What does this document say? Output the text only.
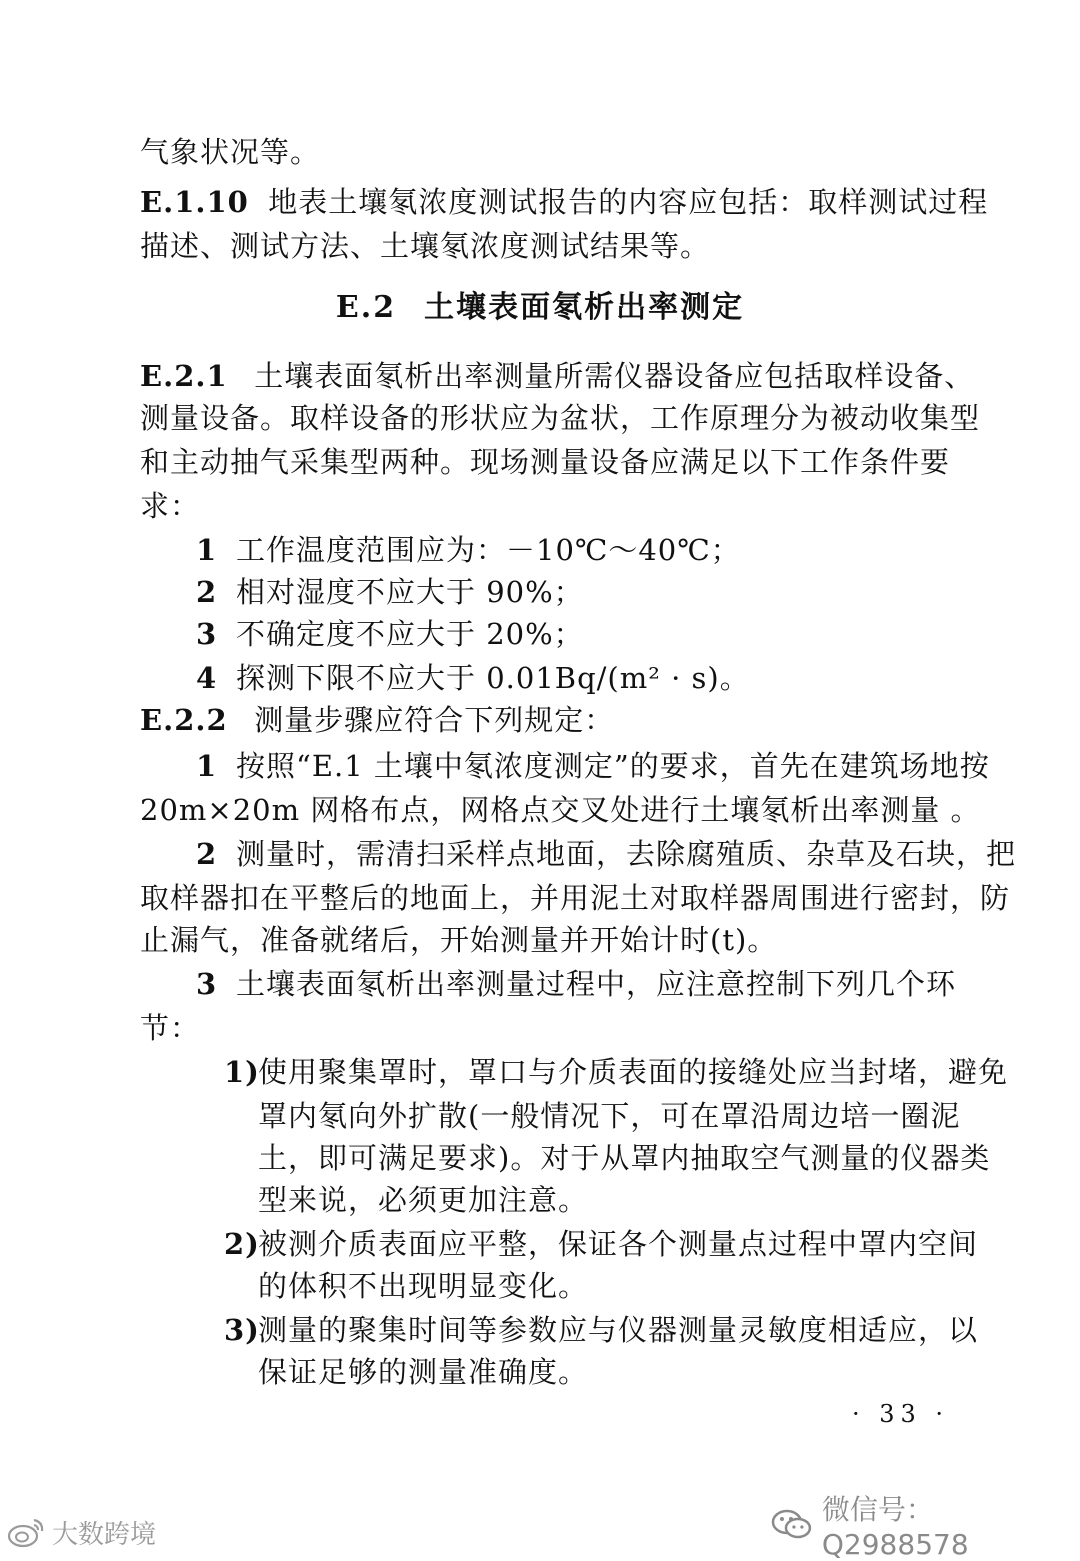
气象状况等。
E.1.10 地表土壤氡浓度测试报告的内容应包括：取样测试过程
描述、测试方法、土壤氡浓度测试结果等。
E.2 土壤表面氡析出率测定
E.2.1 土壤表面氡析出率测量所需仪器设备应包括取样设备、
测量设备。取样设备的形状应为盆状，工作原理分为被动收集型
和主动抽气采集型两种。现场测量设备应满足以下工作条件要
求：
1 工作温度范围应为：－10℃～40℃；
2 相对湿度不应大于 90%；
3 不确定度不应大于 20%；
4 探测下限不应大于 0.01Bq/(m² · s)。
E.2.2 测量步骤应符合下列规定：
1 按照“E.1 土壤中氡浓度测定”的要求，首先在建筑场地按
20m×20m 网格布点，网格点交叉处进行土壤氡析出率测量 。
2 测量时，需清扫采样点地面，去除腐殖质、杂草及石块，把
取样器扣在平整后的地面上，并用泥土对取样器周围进行密封，防
止漏气，准备就绪后，开始测量并开始计时(t)。
3 土壤表面氡析出率测量过程中，应注意控制下列几个环
节：
1)使用聚集罩时，罩口与介质表面的接缝处应当封堵，避免
罩内氡向外扩散(一般情况下，可在罩沿周边培一圈泥
土，即可满足要求)。对于从罩内抽取空气测量的仪器类
型来说，必须更加注意。
2)被测介质表面应平整，保证各个测量点过程中罩内空间
的体积不出现明显变化。
3)测量的聚集时间等参数应与仪器测量灵敏度相适应，以
保证足够的测量准确度。
· 33 ·
微信号：Q2988578
大数跨境
